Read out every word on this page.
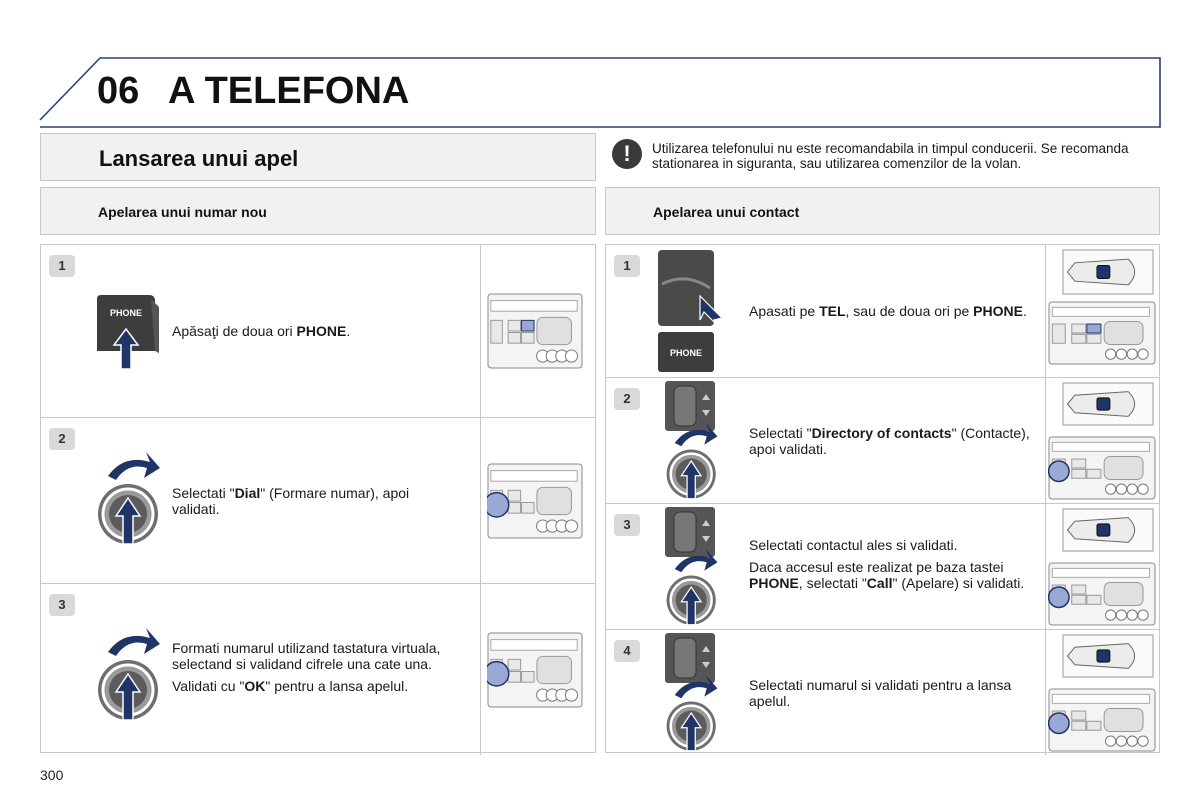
06 A TELEFONA
Lansarea unui apel	!	Utilizarea telefonului nu este recomandabila in timpul conducerii. Se recomanda stationarea in siguranta, sau utilizarea comenzilor de la volan.
Apelarea unui numar nou	Apelarea unui contact
1
PHONE
Apăsaţi de doua ori PHONE.
2
Selectati "Dial" (Formare numar), apoi validati.
3

Formati numarul utilizand tastatura virtuala, selectand si validand cifrele una cate una.

Validati cu "OK" pentru a lansa apelul.

1
PHONE
Apasati pe TEL, sau de doua ori pe PHONE.
2
Selectati "Directory of contacts" (Contacte), apoi validati.
3

Selectati contactul ales si validati.

Daca accesul este realizat pe baza tastei PHONE, selectati "Call" (Apelare) si validati.

4
Selectati numarul si validati pentru a lansa apelul.
300
